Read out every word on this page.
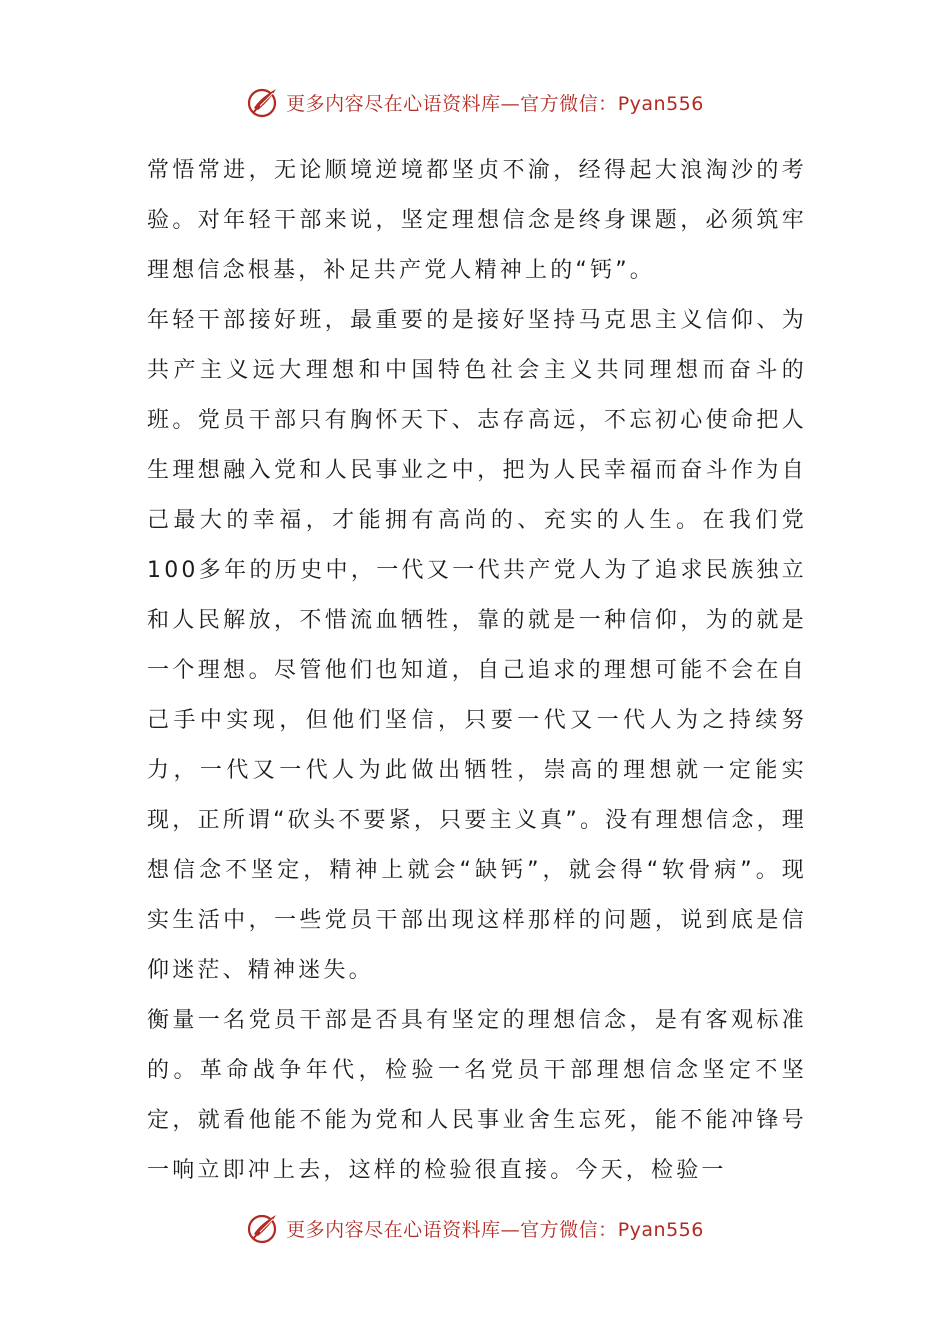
更多内容尽在心语资料库—官方微信：Pyan556

常悟常进，无论顺境逆境都坚贞不渝，经得起大浪淘沙的考验。对年轻干部来说，坚定理想信念是终身课题，必须筑牢理想信念根基，补足共产党人精神上的“钙”。

年轻干部接好班，最重要的是接好坚持马克思主义信仰、为共产主义远大理想和中国特色社会主义共同理想而奋斗的班。党员干部只有胸怀天下、志存高远，不忘初心使命把人生理想融入党和人民事业之中，把为人民幸福而奋斗作为自己最大的幸福，才能拥有高尚的、充实的人生。在我们党100多年的历史中，一代又一代共产党人为了追求民族独立和人民解放，不惜流血牺牲，靠的就是一种信仰，为的就是一个理想。尽管他们也知道，自己追求的理想可能不会在自己手中实现，但他们坚信，只要一代又一代人为之持续努力，一代又一代人为此做出牺牲，崇高的理想就一定能实现，正所谓“砍头不要紧，只要主义真”。没有理想信念，理想信念不坚定，精神上就会“缺钙”，就会得“软骨病”。现实生活中，一些党员干部出现这样那样的问题，说到底是信仰迷茫、精神迷失。

衡量一名党员干部是否具有坚定的理想信念，是有客观标准的。革命战争年代，检验一名党员干部理想信念坚定不坚定，就看他能不能为党和人民事业舍生忘死，能不能冲锋号一响立即冲上去，这样的检验很直接。今天，检验一

更多内容尽在心语资料库—官方微信：Pyan556
